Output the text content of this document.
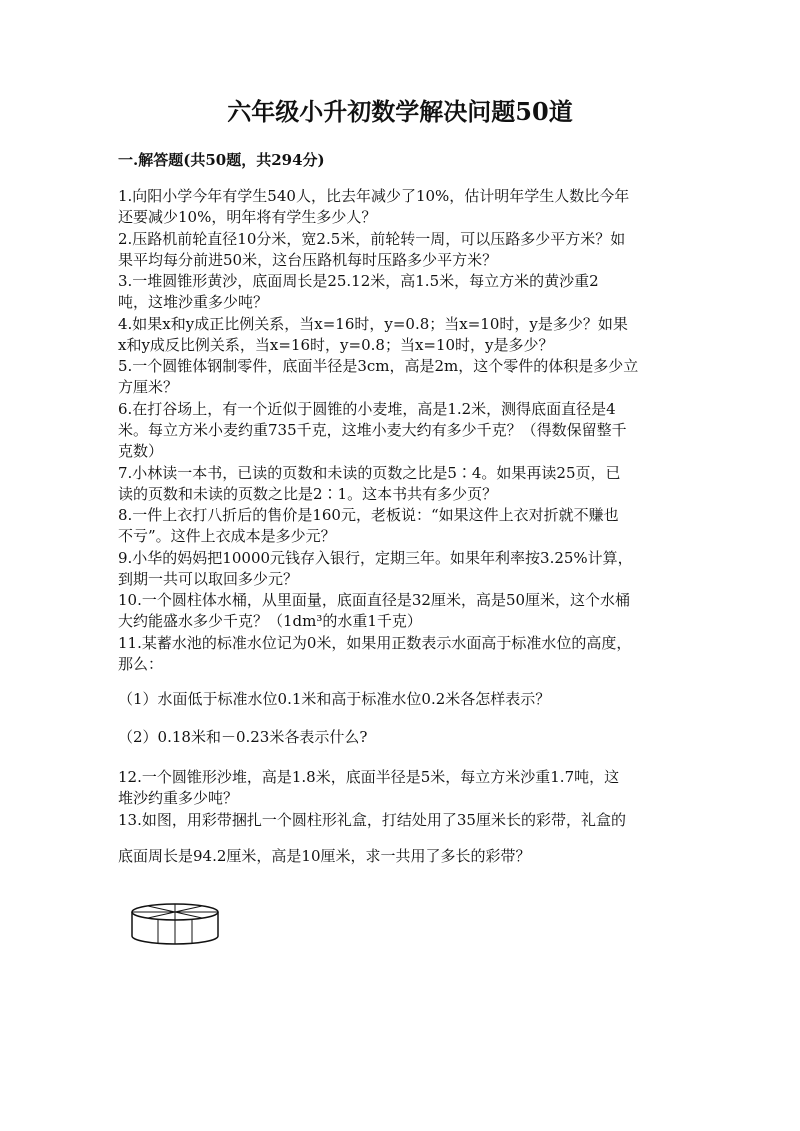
六年级小升初数学解决问题50道
一.解答题(共50题，共294分)
1.向阳小学今年有学生540人，比去年减少了10%，估计明年学生人数比今年
还要减少10%，明年将有学生多少人？
2.压路机前轮直径10分米，宽2.5米，前轮转一周，可以压路多少平方米？如
果平均每分前进50米，这台压路机每时压路多少平方米？
3.一堆圆锥形黄沙，底面周长是25.12米，高1.5米，每立方米的黄沙重2
吨，这堆沙重多少吨？
4.如果x和y成正比例关系，当x=16时，y=0.8；当x=10时，y是多少？如果
x和y成反比例关系，当x=16时，y=0.8；当x=10时，y是多少？
5.一个圆锥体钢制零件，底面半径是3cm，高是2m，这个零件的体积是多少立
方厘米？
6.在打谷场上，有一个近似于圆锥的小麦堆，高是1.2米，测得底面直径是4
米。每立方米小麦约重735千克，这堆小麦大约有多少千克？（得数保留整千
克数）
7.小林读一本书，已读的页数和未读的页数之比是5∶4。如果再读25页，已
读的页数和未读的页数之比是2∶1。这本书共有多少页？
8.一件上衣打八折后的售价是160元，老板说：“如果这件上衣对折就不赚也
不亏”。这件上衣成本是多少元？
9.小华的妈妈把10000元钱存入银行，定期三年。如果年利率按3.25%计算，
到期一共可以取回多少元？
10.一个圆柱体水桶，从里面量，底面直径是32厘米，高是50厘米，这个水桶
大约能盛水多少千克？（1dm³的水重1千克）
11.某蓄水池的标准水位记为0米，如果用正数表示水面高于标准水位的高度，
那么：
（1）水面低于标准水位0.1米和高于标准水位0.2米各怎样表示？
（2）0.18米和－0.23米各表示什么?
12.一个圆锥形沙堆，高是1.8米，底面半径是5米，每立方米沙重1.7吨，这
堆沙约重多少吨？
13.如图，用彩带捆扎一个圆柱形礼盒，打结处用了35厘米长的彩带，礼盒的
底面周长是94.2厘米，高是10厘米，求一共用了多长的彩带？
